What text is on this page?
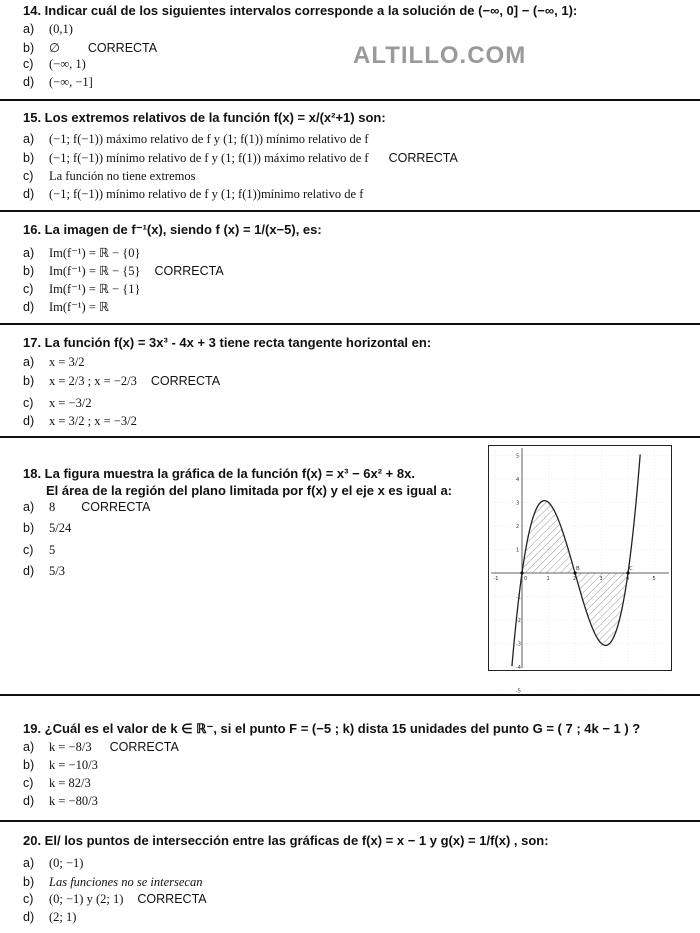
ALTILLO.COM
14. Indicar cuál de los siguientes intervalos corresponde a la solución de (−∞, 0] − (−∞, 1):
a) (0,1)
b) ∅ CORRECTA
c) (−∞, 1)
d) (−∞, −1]
15. Los extremos relativos de la función f(x) = x/(x²+1) son:
a) (−1; f(−1)) máximo relativo de f y (1; f(1)) mínimo relativo de f
b) (−1; f(−1)) mínimo relativo de f y (1; f(1)) máximo relativo de f CORRECTA
c) La función no tiene extremos
d) (−1; f(−1)) mínimo relativo de f y (1; f(1))mínimo relativo de f
16. La imagen de f⁻¹(x), siendo f (x) = 1/(x−5), es:
a) Im(f⁻¹) = ℝ − {0}
b) Im(f⁻¹) = ℝ − {5} CORRECTA
c) Im(f⁻¹) = ℝ − {1}
d) Im(f⁻¹) = ℝ
17. La función f(x) = 3x³ - 4x + 3 tiene recta tangente horizontal en:
a) x = 3/2
b) x = 2/3 ; x = −2/3 CORRECTA
c) x = −3/2
d) x = 3/2 ; x = −3/2
18. La figura muestra la gráfica de la función f(x) = x³ − 6x² + 8x.
El área de la región del plano limitada por f(x) y el eje x es igual a:
a) 8 CORRECTA
b) 5/24
c) 5
d) 5/3
-1	0	1	2	3	4	5
5
4
3
2
1
-1
-2
-3
-4
-5
B	C
19. ¿Cuál es el valor de k ∈ ℝ⁻, si el punto F = (−5 ; k) dista 15 unidades del punto G = ( 7 ; 4k − 1 ) ?
a) k = −8/3 CORRECTA
b) k = −10/3
c) k = 82/3
d) k = −80/3
20. El/ los puntos de intersección entre las gráficas de f(x) = x − 1 y g(x) = 1/f(x) , son:
a) (0; −1)
b) Las funciones no se intersecan
c) (0; −1) y (2; 1) CORRECTA
d) (2; 1)
